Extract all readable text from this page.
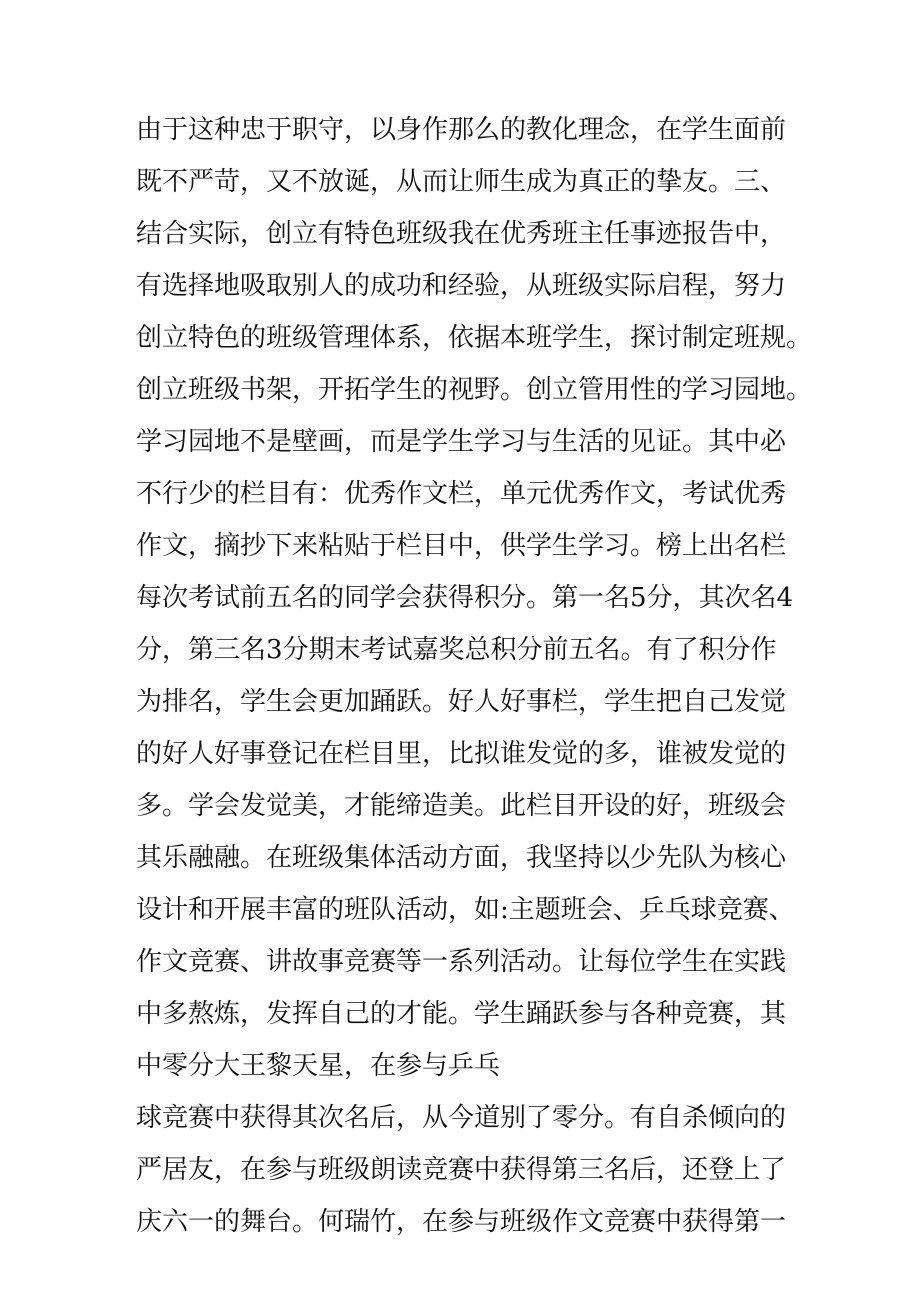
由于这种忠于职守，以身作那么的教化理念，在学生面前
既不严苛，又不放诞，从而让师生成为真正的挚友。三、
结合实际，创立有特色班级我在优秀班主任事迹报告中，
有选择地吸取别人的成功和经验，从班级实际启程，努力
创立特色的班级管理体系，依据本班学生，探讨制定班规。
创立班级书架，开拓学生的视野。创立管用性的学习园地。
学习园地不是壁画，而是学生学习与生活的见证。其中必
不行少的栏目有：优秀作文栏，单元优秀作文，考试优秀
作文，摘抄下来粘贴于栏目中，供学生学习。榜上出名栏
每次考试前五名的同学会获得积分。第一名5分，其次名4
分，第三名3分期末考试嘉奖总积分前五名。有了积分作
为排名，学生会更加踊跃。好人好事栏，学生把自己发觉
的好人好事登记在栏目里，比拟谁发觉的多，谁被发觉的
多。学会发觉美，才能缔造美。此栏目开设的好，班级会
其乐融融。在班级集体活动方面，我坚持以少先队为核心
设计和开展丰富的班队活动，如:主题班会、乒乓球竞赛、
作文竞赛、讲故事竞赛等一系列活动。让每位学生在实践
中多熬炼，发挥自己的才能。学生踊跃参与各种竞赛，其
中零分大王黎天星，在参与乒乓
球竞赛中获得其次名后，从今道别了零分。有自杀倾向的
严居友，在参与班级朗读竞赛中获得第三名后，还登上了
庆六一的舞台。何瑞竹，在参与班级作文竞赛中获得第一
